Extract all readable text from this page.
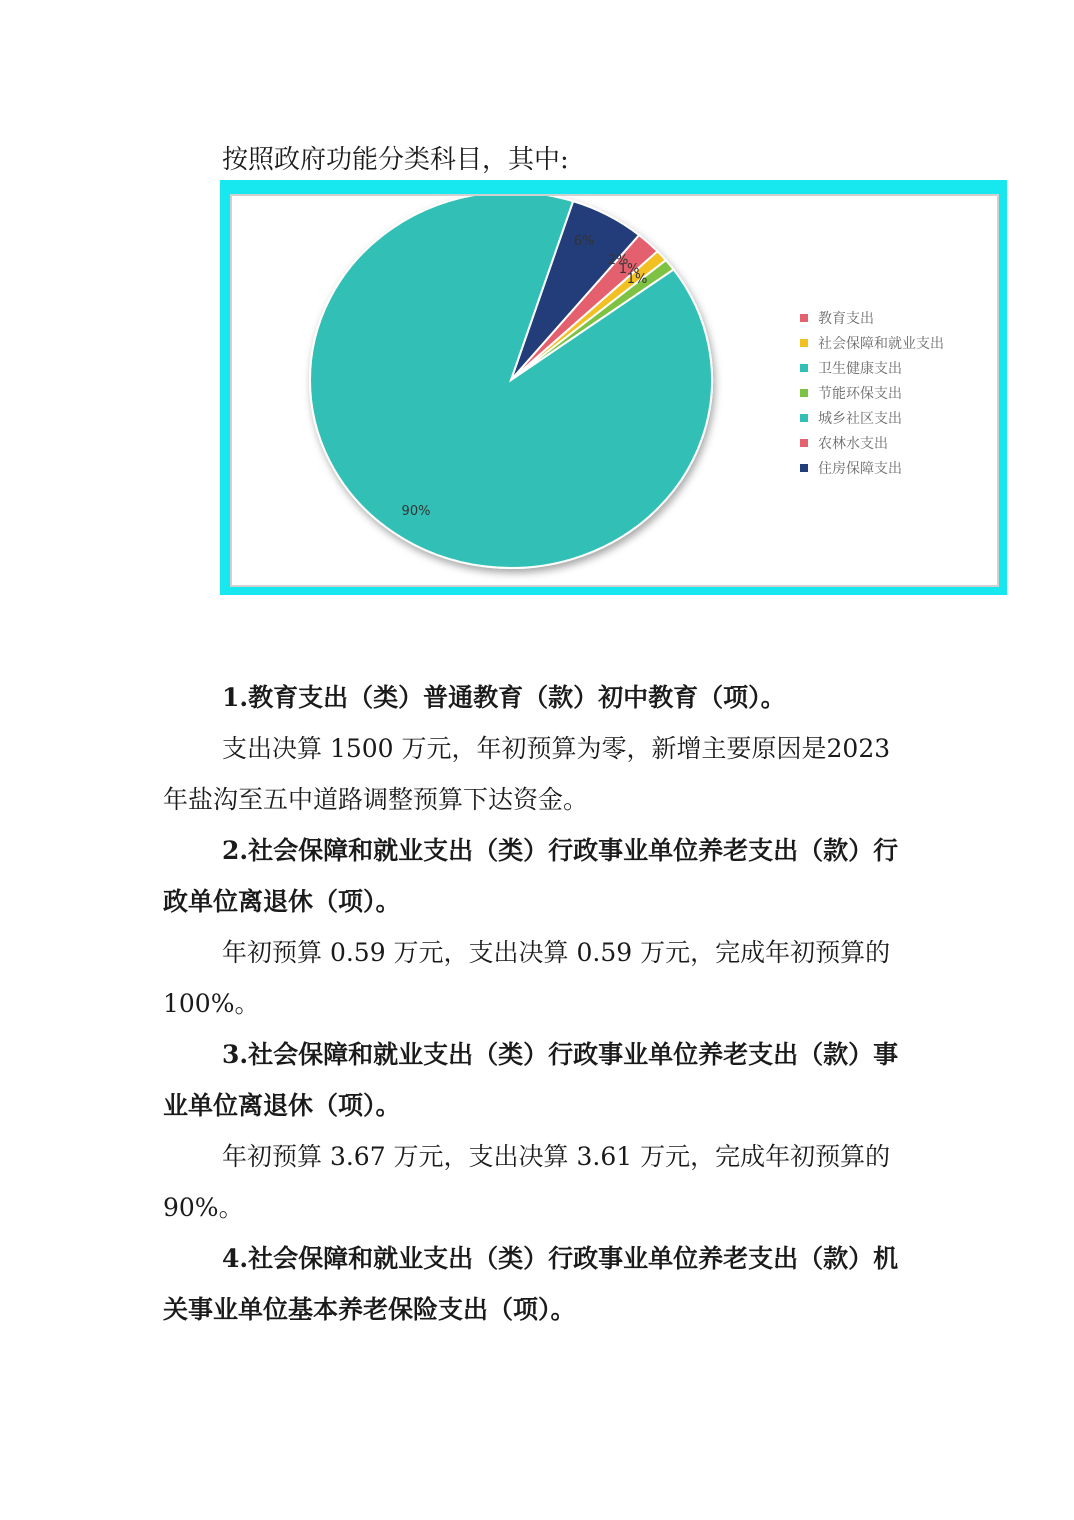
按照政府功能分类科目，其中:
6%
2%
1%
1%
90%
教育支出
社会保障和就业支出
卫生健康支出
节能环保支出
城乡社区支出
农林水支出
住房保障支出

1.教育支出（类）普通教育（款）初中教育（项）。

支出决算 1500 万元，年初预算为零，新增主要原因是2023 年盐沟至五中道路调整预算下达资金。

2.社会保障和就业支出（类）行政事业单位养老支出（款）行政单位离退休（项）。

年初预算 0.59 万元，支出决算 0.59 万元，完成年初预算的 100%。

3.社会保障和就业支出（类）行政事业单位养老支出（款）事业单位离退休（项）。

年初预算 3.67 万元，支出决算 3.61 万元，完成年初预算的 90%。

4.社会保障和就业支出（类）行政事业单位养老支出（款）机关事业单位基本养老保险支出（项）。
